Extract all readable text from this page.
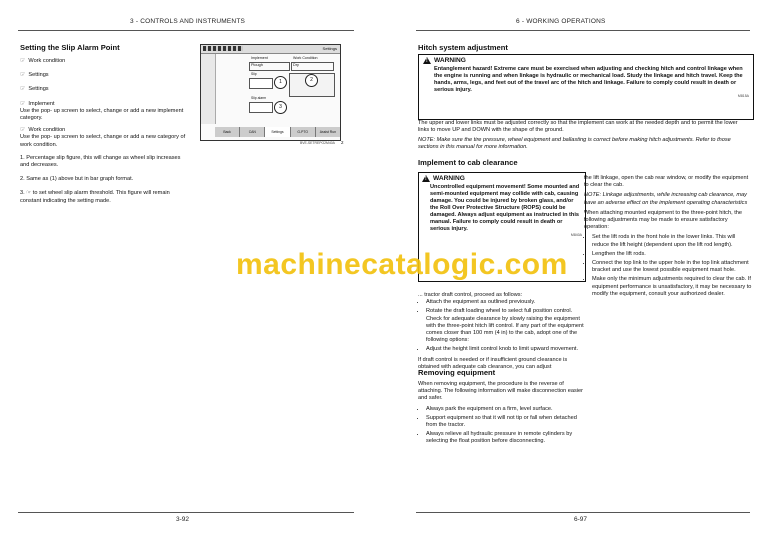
3 - CONTROLS AND INSTRUMENTS
Setting the Slip Alarm Point
☞ Work condition
☞ Settings
☞ Settings
☞ Implement
Use the pop- up screen to select, change or add a new implement category.
☞ Work condition
Use the pop- up screen to select, change or add a new category of work condition.
1. Percentage slip figure, this will change as wheel slip increases and decreases.
2. Same as (1) above but in bar graph format.
3. ☞ to set wheel slip alarm threshold. This figure will remain constant indicating the setting made.
Settings
Implement	Work Condition
Plough	Dry
Slip
Slip alarm
1	2
3
Back	CAN	Settings	G-PTO	Assist Run
BVE-SETREPO2M40A 2
3-92
6 - WORKING OPERATIONS
Hitch system adjustment
! WARNING
Entanglement hazard! Extreme care must be exercised when adjusting and checking hitch and control linkage when the engine is running and when linkage is hydraulic or mechanical load. Study the linkage and hitch travel. Keep the hands, arms, legs, and feet out of the travel arc of the hitch and linkage. Failure to comply could result in death or serious injury.
M815A
The upper and lower links must be adjusted correctly so that the implement can work at the needed depth and to permit the lower links to move UP and DOWN with the shape of the ground.
NOTE: Make sure the tire pressure, wheel equipment and ballasting is correct before making hitch adjustments. Refer to those sections in this manual for more information.
Implement to cab clearance
! WARNING
Uncontrolled equipment movement! Some mounted and semi-mounted equipment may collide with cab, causing damage. You could be injured by broken glass, and/or the Roll Over Protective Structure (ROPS) could be damaged. Always adjust equipment as instructed in this manual. Failure to comply could result in death or serious injury.
M840A
... tractor draft control, proceed as follows:
• Attach the equipment as outlined previously.
• Rotate the draft loading wheel to select full position control. Check for adequate clearance by slowly raising the equipment with the three-point hitch lift control. If any part of the equipment comes closer than 100 mm (4 in) to the cab, adopt one of the following options:
• Adjust the height limit control knob to limit upward movement.
If draft control is needed or if insufficient ground clearance is obtained with adequate cab clearance, you can adjust
Removing equipment
When removing equipment, the procedure is the reverse of attaching. The following information will make disconnection easier and safer.
• Always park the equipment on a firm, level surface.
• Support equipment so that it will not tip or fall when detached from the tractor.
• Always relieve all hydraulic pressure in remote cylinders by selecting the float position before disconnecting.
the lift linkage, open the cab rear window, or modify the equipment to clear the cab.
NOTE: Linkage adjustments, while increasing cab clearance, may have an adverse effect on the implement operating characteristics
When attaching mounted equipment to the three-point hitch, the following adjustments may be made to ensure satisfactory operation:
• Set the lift rods in the front hole in the lower links. This will reduce the lift height (dependent upon the lift rod length).
• Lengthen the lift rods.
• Connect the top link to the upper hole in the top link attachment bracket and use the lowest possible equipment mast hole.
• Make only the minimum adjustments required to clear the cab. If equipment performance is unsatisfactory, it may be necessary to modify the equipment, consult your authorized dealer.
6-97
machinecatalogic.com
